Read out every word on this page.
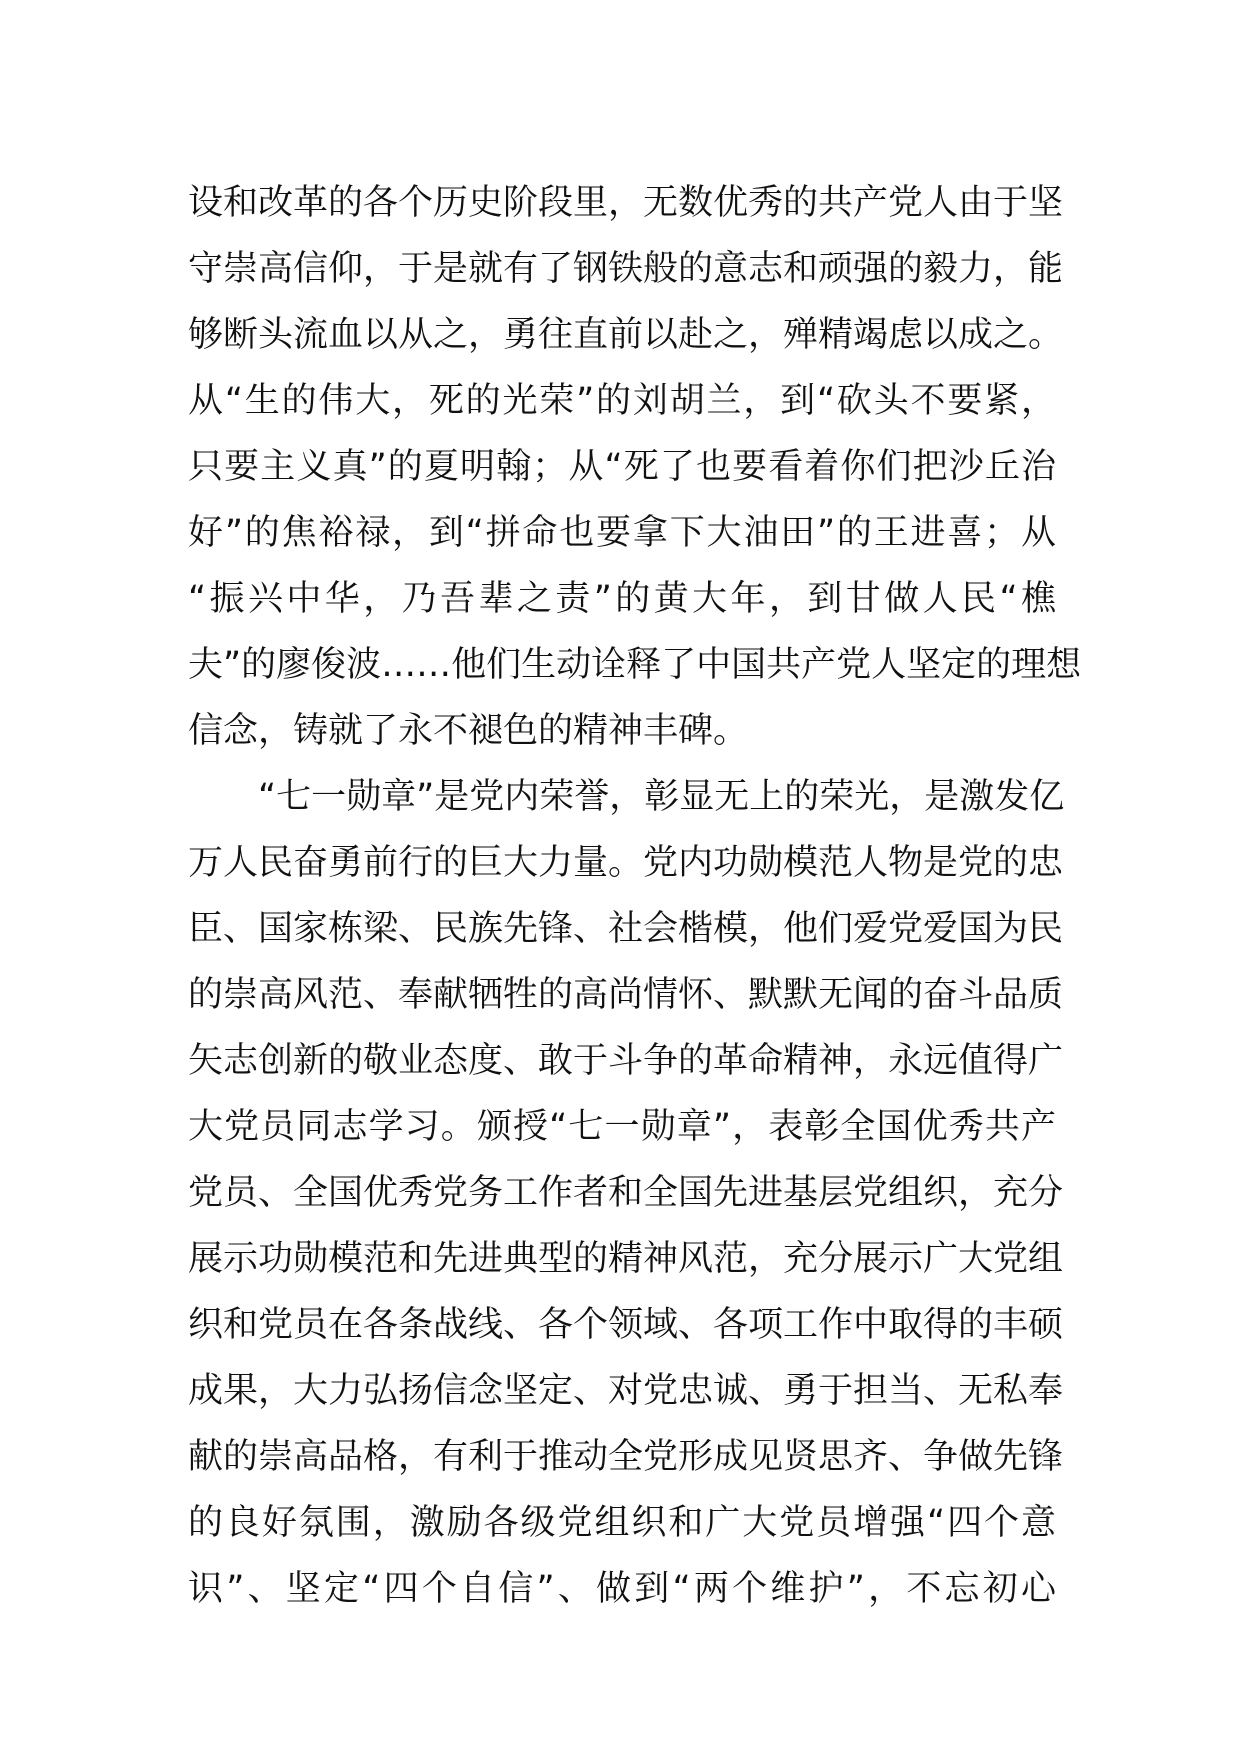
设和改革的各个历史阶段里，无数优秀的共产党人由于坚
守崇高信仰，于是就有了钢铁般的意志和顽强的毅力，能
够断头流血以从之，勇往直前以赴之，殚精竭虑以成之。
从“生的伟大，死的光荣”的刘胡兰，到“砍头不要紧，
只要主义真”的夏明翰；从“死了也要看着你们把沙丘治
好”的焦裕禄，到“拼命也要拿下大油田”的王进喜；从
“振兴中华，乃吾辈之责”的黄大年，到甘做人民“樵
夫”的廖俊波……他们生动诠释了中国共产党人坚定的理想
信念，铸就了永不褪色的精神丰碑。
“七一勋章”是党内荣誉，彰显无上的荣光，是激发亿
万人民奋勇前行的巨大力量。党内功勋模范人物是党的忠
臣、国家栋梁、民族先锋、社会楷模，他们爱党爱国为民
的崇高风范、奉献牺牲的高尚情怀、默默无闻的奋斗品质
矢志创新的敬业态度、敢于斗争的革命精神，永远值得广
大党员同志学习。颁授“七一勋章”，表彰全国优秀共产
党员、全国优秀党务工作者和全国先进基层党组织，充分
展示功勋模范和先进典型的精神风范，充分展示广大党组
织和党员在各条战线、各个领域、各项工作中取得的丰硕
成果，大力弘扬信念坚定、对党忠诚、勇于担当、无私奉
献的崇高品格，有利于推动全党形成见贤思齐、争做先锋
的良好氛围，激励各级党组织和广大党员增强“四个意
识”、坚定“四个自信”、做到“两个维护”，不忘初心
